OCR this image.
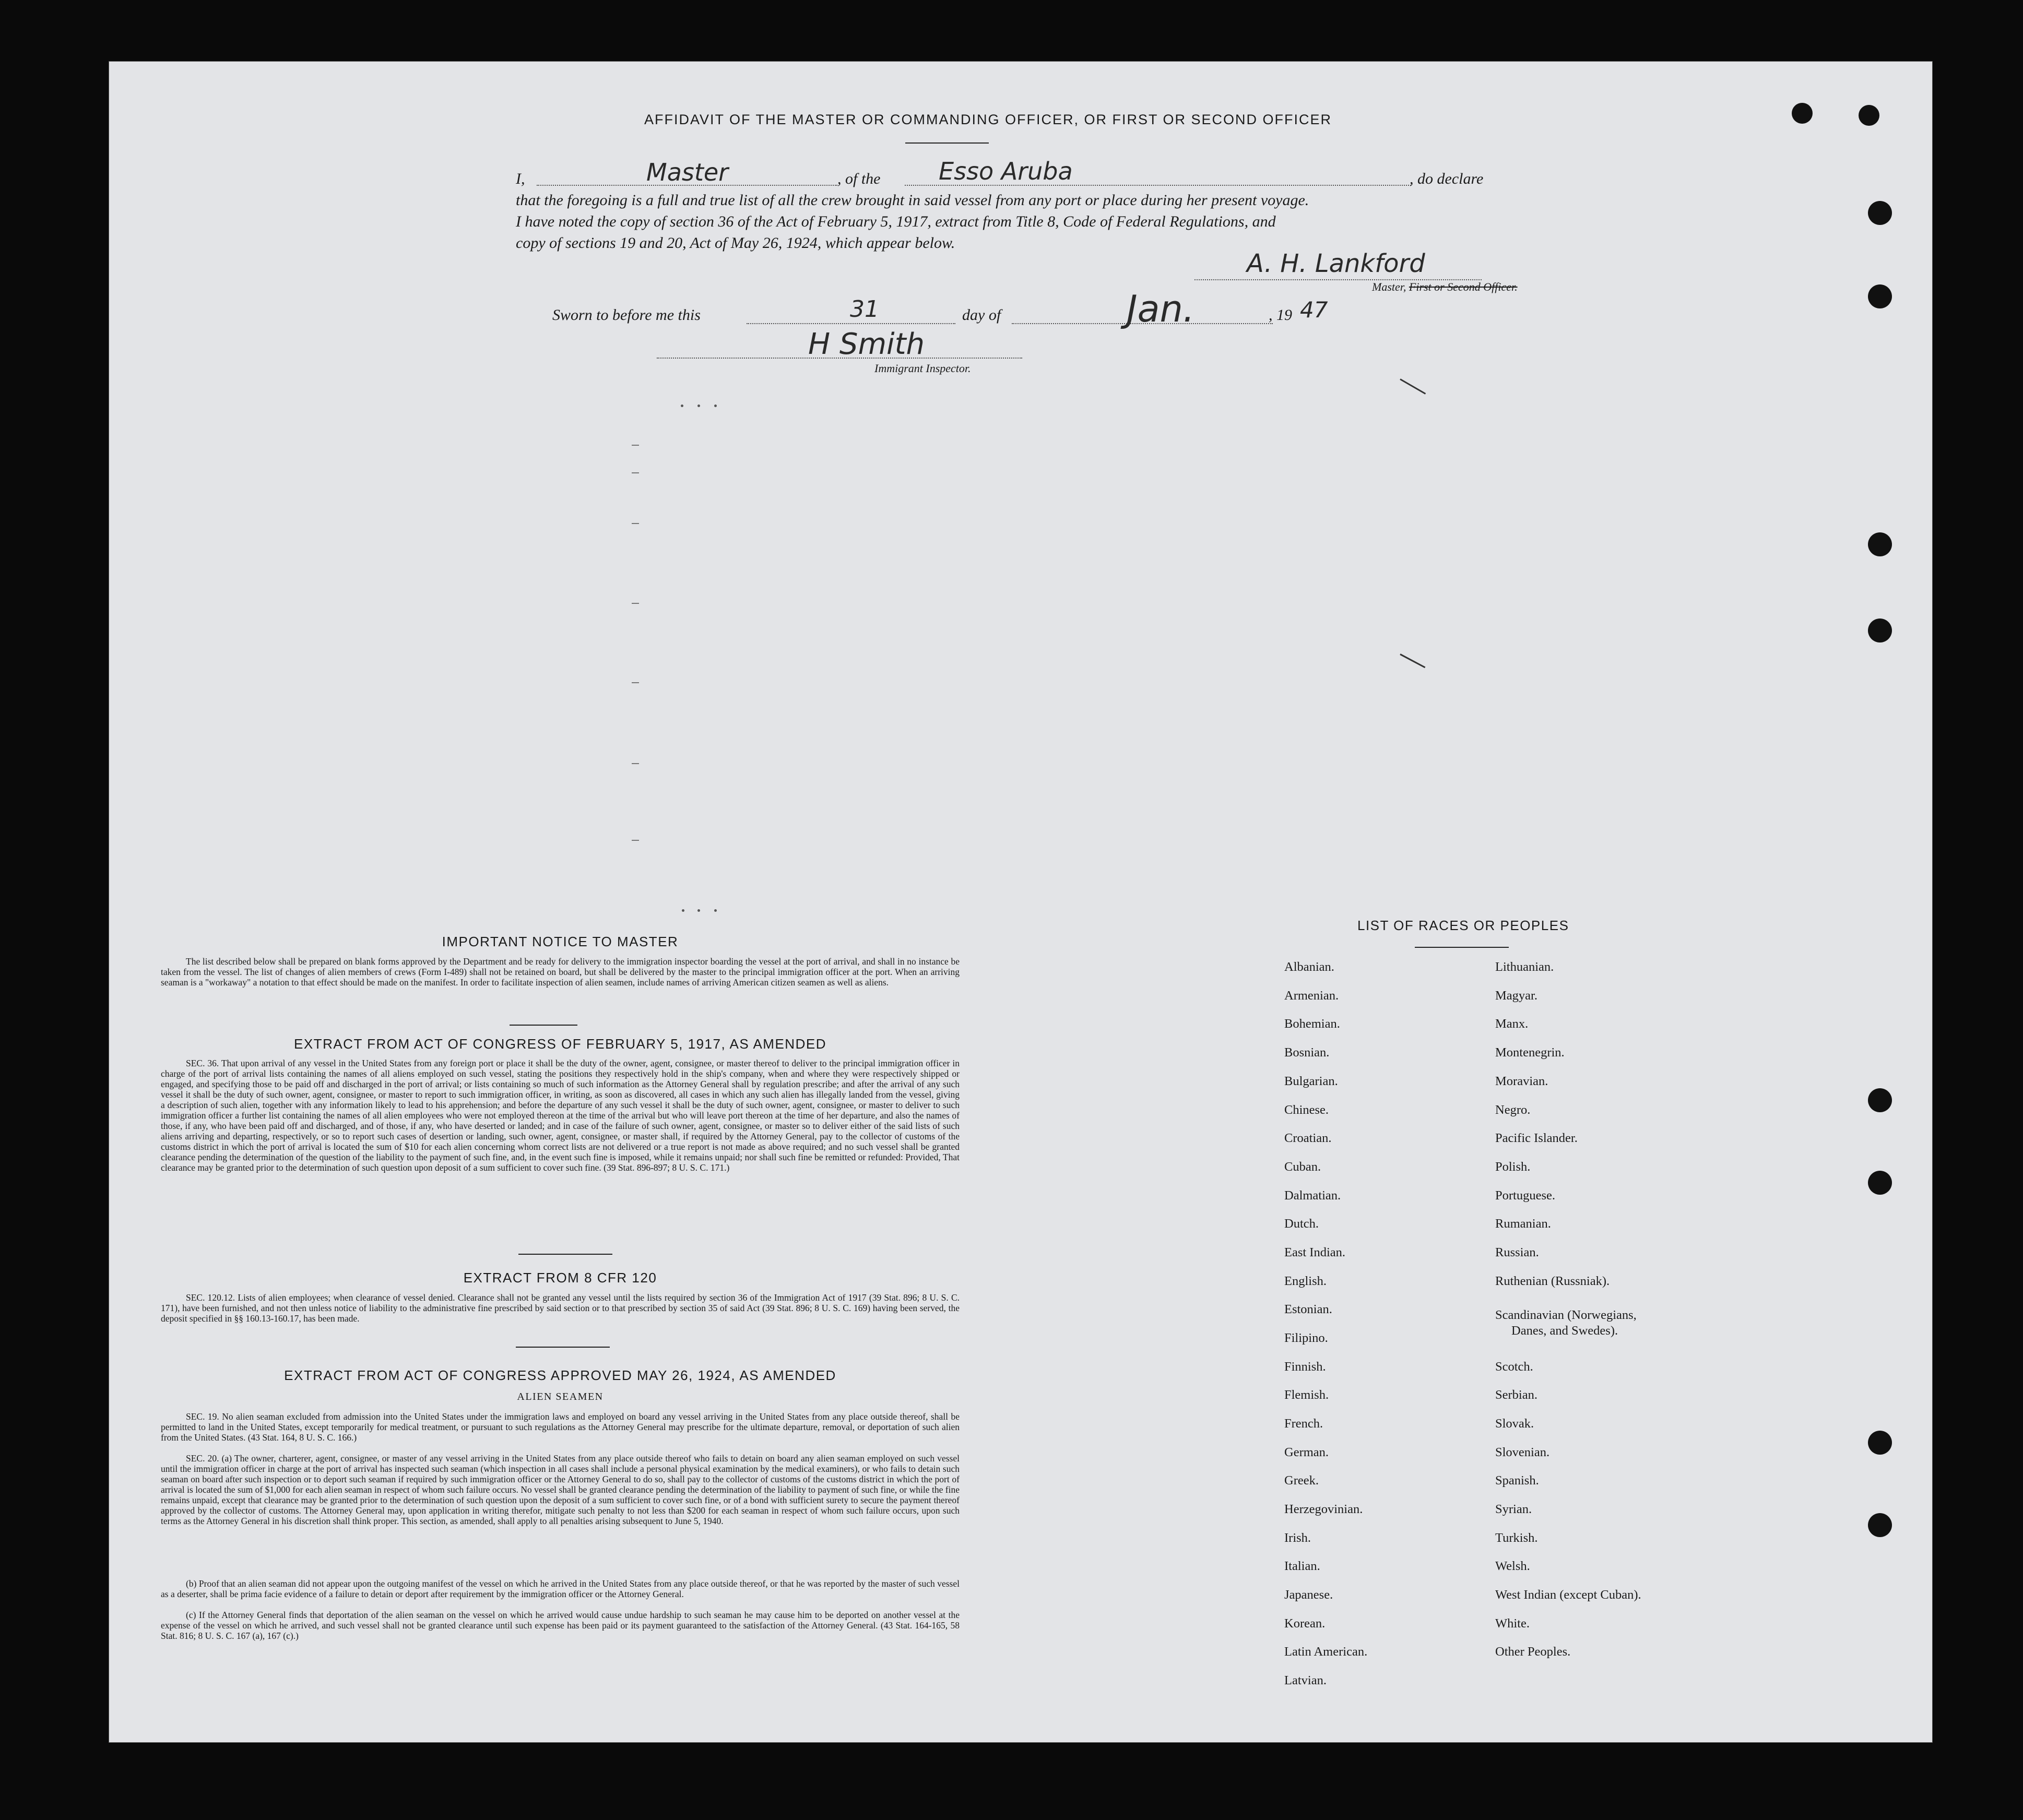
AFFIDAVIT OF THE MASTER OR COMMANDING OFFICER, OR FIRST OR SECOND OFFICER
I,	Master	, of the Esso Aruba	, do declare
that the foregoing is a full and true list of all the crew brought in said vessel from any port or place during her present voyage.
I have noted the copy of section 36 of the Act of February 5, 1917, extract from Title 8, Code of Federal Regulations, and
copy of sections 19 and 20, Act of May 26, 1924, which appear below.
A. H. Lankford
Master, First or Second Officer.
Sworn to before me this	31	day of	Jan.	, 19 47
H Smith
Immigrant Inspector.
IMPORTANT NOTICE TO MASTER
The list described below shall be prepared on blank forms approved by the Department and be ready for delivery to the immigration inspector boarding the vessel at the port of arrival, and shall in no instance be taken from the vessel. The list of changes of alien members of crews (Form I-489) shall not be retained on board, but shall be delivered by the master to the principal immigration officer at the port. When an arriving seaman is a "workaway" a notation to that effect should be made on the manifest. In order to facilitate inspection of alien seamen, include names of arriving American citizen seamen as well as aliens.
EXTRACT FROM ACT OF CONGRESS OF FEBRUARY 5, 1917, AS AMENDED
SEC. 36. That upon arrival of any vessel in the United States from any foreign port or place it shall be the duty of the owner, agent, consignee, or master thereof to deliver to the principal immigration officer in charge of the port of arrival lists containing the names of all aliens employed on such vessel, stating the positions they respectively hold in the ship's company, when and where they were respectively shipped or engaged, and specifying those to be paid off and discharged in the port of arrival; or lists containing so much of such information as the Attorney General shall by regulation prescribe; and after the arrival of any such vessel it shall be the duty of such owner, agent, consignee, or master to report to such immigration officer, in writing, as soon as discovered, all cases in which any such alien has illegally landed from the vessel, giving a description of such alien, together with any information likely to lead to his apprehension; and before the departure of any such vessel it shall be the duty of such owner, agent, consignee, or master to deliver to such immigration officer a further list containing the names of all alien employees who were not employed thereon at the time of the arrival but who will leave port thereon at the time of her departure, and also the names of those, if any, who have been paid off and discharged, and of those, if any, who have deserted or landed; and in case of the failure of such owner, agent, consignee, or master so to deliver either of the said lists of such aliens arriving and departing, respectively, or so to report such cases of desertion or landing, such owner, agent, consignee, or master shall, if required by the Attorney General, pay to the collector of customs of the customs district in which the port of arrival is located the sum of $10 for each alien concerning whom correct lists are not delivered or a true report is not made as above required; and no such vessel shall be granted clearance pending the determination of the question of the liability to the payment of such fine, and, in the event such fine is imposed, while it remains unpaid; nor shall such fine be remitted or refunded: Provided, That clearance may be granted prior to the determination of such question upon deposit of a sum sufficient to cover such fine. (39 Stat. 896-897; 8 U. S. C. 171.)
EXTRACT FROM 8 CFR 120
SEC. 120.12. Lists of alien employees; when clearance of vessel denied. Clearance shall not be granted any vessel until the lists required by section 36 of the Immigration Act of 1917 (39 Stat. 896; 8 U. S. C. 171), have been furnished, and not then unless notice of liability to the administrative fine prescribed by said section or to that prescribed by section 35 of said Act (39 Stat. 896; 8 U. S. C. 169) having been served, the deposit specified in §§ 160.13-160.17, has been made.
EXTRACT FROM ACT OF CONGRESS APPROVED MAY 26, 1924, AS AMENDED
ALIEN SEAMEN
SEC. 19. No alien seaman excluded from admission into the United States under the immigration laws and employed on board any vessel arriving in the United States from any place outside thereof, shall be permitted to land in the United States, except temporarily for medical treatment, or pursuant to such regulations as the Attorney General may prescribe for the ultimate departure, removal, or deportation of such alien from the United States. (43 Stat. 164, 8 U. S. C. 166.)
SEC. 20. (a) The owner, charterer, agent, consignee, or master of any vessel arriving in the United States from any place outside thereof who fails to detain on board any alien seaman employed on such vessel until the immigration officer in charge at the port of arrival has inspected such seaman (which inspection in all cases shall include a personal physical examination by the medical examiners), or who fails to detain such seaman on board after such inspection or to deport such seaman if required by such immigration officer or the Attorney General to do so, shall pay to the collector of customs of the customs district in which the port of arrival is located the sum of $1,000 for each alien seaman in respect of whom such failure occurs. No vessel shall be granted clearance pending the determination of the liability to payment of such fine, or while the fine remains unpaid, except that clearance may be granted prior to the determination of such question upon the deposit of a sum sufficient to cover such fine, or of a bond with sufficient surety to secure the payment thereof approved by the collector of customs. The Attorney General may, upon application in writing therefor, mitigate such penalty to not less than $200 for each seaman in respect of whom such failure occurs, upon such terms as the Attorney General in his discretion shall think proper. This section, as amended, shall apply to all penalties arising subsequent to June 5, 1940.
(b) Proof that an alien seaman did not appear upon the outgoing manifest of the vessel on which he arrived in the United States from any place outside thereof, or that he was reported by the master of such vessel as a deserter, shall be prima facie evidence of a failure to detain or deport after requirement by the immigration officer or the Attorney General.
(c) If the Attorney General finds that deportation of the alien seaman on the vessel on which he arrived would cause undue hardship to such seaman he may cause him to be deported on another vessel at the expense of the vessel on which he arrived, and such vessel shall not be granted clearance until such expense has been paid or its payment guaranteed to the satisfaction of the Attorney General. (43 Stat. 164-165, 58 Stat. 816; 8 U. S. C. 167 (a), 167 (c).)
LIST OF RACES OR PEOPLES
Albanian.
Armenian.
Bohemian.
Bosnian.
Bulgarian.
Chinese.
Croatian.
Cuban.
Dalmatian.
Dutch.
East Indian.
English.
Estonian.
Filipino.
Finnish.
Flemish.
French.
German.
Greek.
Herzegovinian.
Irish.
Italian.
Japanese.
Korean.
Latin American.
Latvian.
Lithuanian.
Magyar.
Manx.
Montenegrin.
Moravian.
Negro.
Pacific Islander.
Polish.
Portuguese.
Rumanian.
Russian.
Ruthenian (Russniak).
Scandinavian (Norwegians,
Danes, and Swedes).
Scotch.
Serbian.
Slovak.
Slovenian.
Spanish.
Syrian.
Turkish.
Welsh.
West Indian (except Cuban).
White.
Other Peoples.
